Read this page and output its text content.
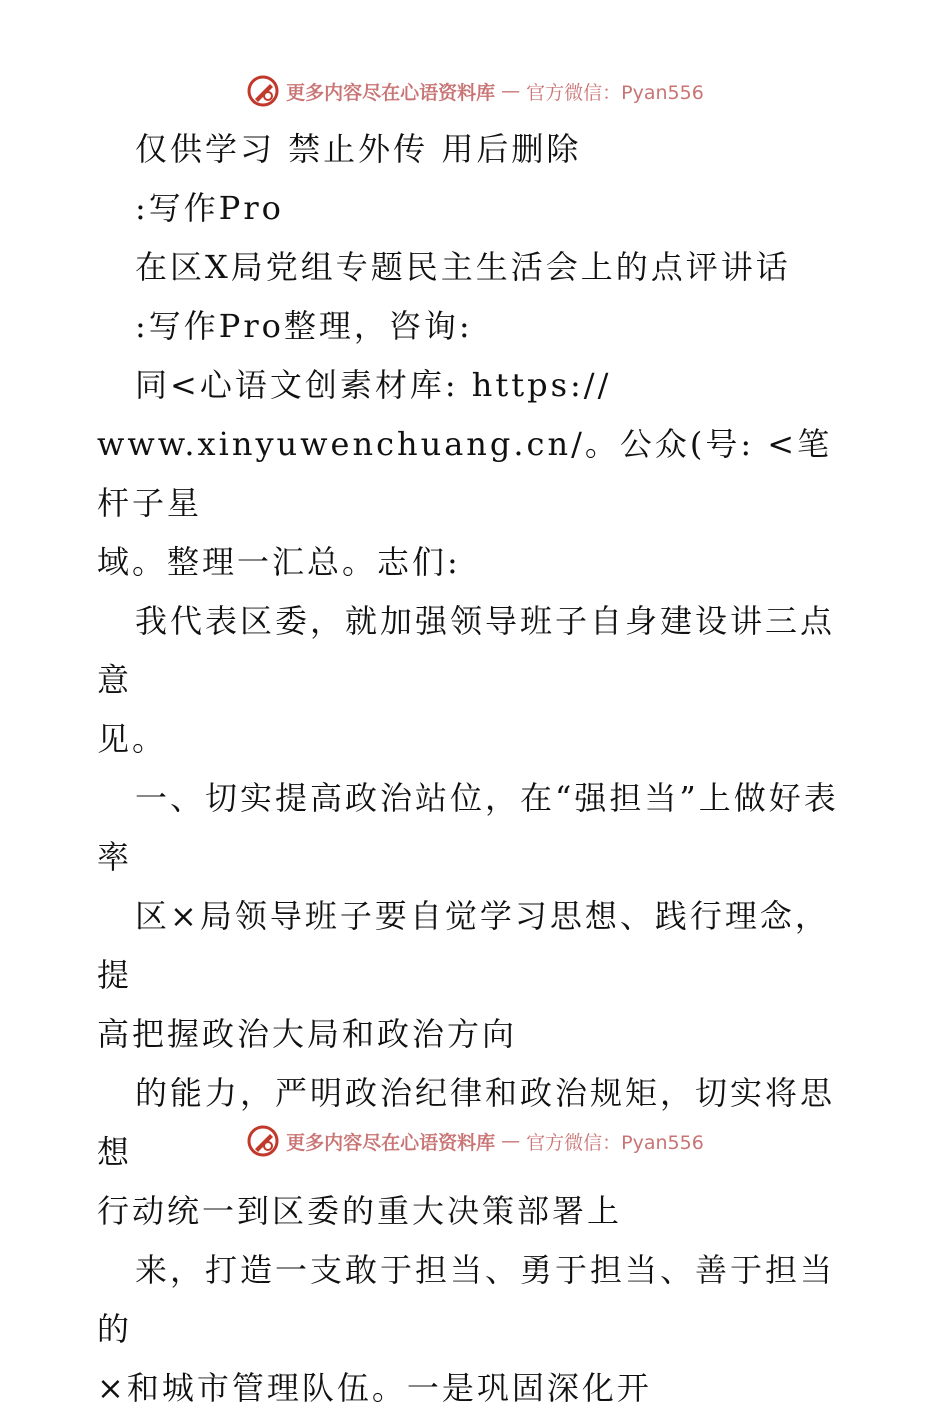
更多内容尽在心语资料库 — 官方微信：Pyan556

仅供学习 禁止外传 用后删除

:写作Pro

在区X局党组专题民主生活会上的点评讲话

:写作Pro整理，咨询:

同<心语文创素材库: https://

www.xinyuwenchuang.cn/。公众(号: <笔杆子星

域。整理一汇总。志们:

我代表区委，就加强领导班子自身建设讲三点意

见。

一、切实提高政治站位，在“强担当”上做好表

率

区×局领导班子要自觉学习思想、践行理念，提

高把握政治大局和政治方向

的能力，严明政治纪律和政治规矩，切实将思想

行动统一到区委的重大决策部署上

来，打造一支敢于担当、勇于担当、善于担当的

×和城市管理队伍。一是巩固深化开

更多内容尽在心语资料库 — 官方微信：Pyan556
